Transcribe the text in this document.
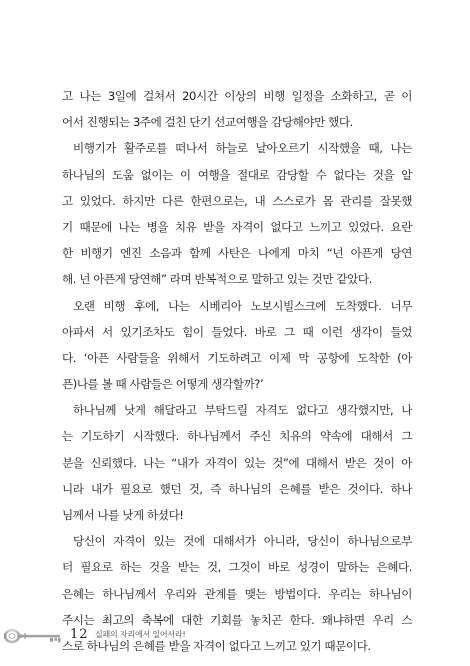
고 나는 3일에 걸쳐서 20시간 이상의 비행 일정을 소화하고, 곧 이
어서 진행되는 3주에 걸친 단기 선교여행을 감당해야만 했다.
비행기가 활주로를 떠나서 하늘로 날아오르기 시작했을 때, 나는
하나님의 도움 없이는 이 여행을 절대로 감당할 수 없다는 것을 알
고 있었다. 하지만 다른 한편으로는, 내 스스로가 몸 관리를 잘못했
기 때문에 나는 병을 치유 받을 자격이 없다고 느끼고 있었다. 요란
한 비행기 엔진 소음과 함께 사탄은 나에게 마치 “넌 아픈게 당연
해. 넌 아픈게 당연해” 라며 반복적으로 말하고 있는 것만 같았다.
오랜 비행 후에, 나는 시베리아 노보시빌스크에 도착했다. 너무
아파서 서 있기조차도 힘이 들었다. 바로 그 때 이런 생각이 들었
다. ‘아픈 사람들을 위해서 기도하려고 이제 막 공항에 도착한 (아
픈)나를 볼 때 사람들은 어떻게 생각할까?’
하나님께 낫게 해달라고 부탁드릴 자격도 없다고 생각했지만, 나
는 기도하기 시작했다. 하나님께서 주신 치유의 약속에 대해서 그
분을 신뢰했다. 나는 “내가 자격이 있는 것”에 대해서 받은 것이 아
니라 내가 필요로 했던 것, 즉 하나님의 은혜를 받은 것이다. 하나
님께서 나를 낫게 하셨다!
당신이 자격이 있는 것에 대해서가 아니라, 당신이 하나님으로부
터 필요로 하는 것을 받는 것, 그것이 바로 성경이 말하는 은혜다.
은혜는 하나님께서 우리와 관계를 맺는 방법이다. 우리는 하나님이
주시는 최고의 축복에 대한 기회를 놓치곤 한다. 왜냐하면 우리 스
스로 하나님의 은혜를 받을 자격이 없다고 느끼고 있기 때문이다.
12 실패의 자리에서 일어서라!
